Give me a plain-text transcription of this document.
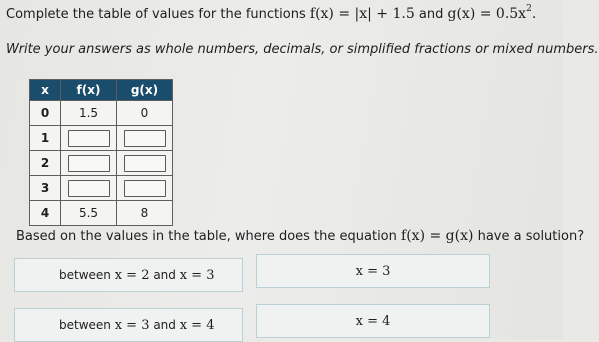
Complete the table of values for the functions f(x) = |x| + 1.5 and $g(x) = 0.5x^2$.
Write your answers as whole numbers, decimals, or simplified fractions or mixed numbers.
x	f(x)	g(x)
0	1.5	0
1		
2		
3		
4	5.5	8
Based on the values in the table, where does the equation f(x) = g(x) have a solution?
between
x = 2
and
x = 3	x = 3
between
x = 3
and
x = 4	x = 4
